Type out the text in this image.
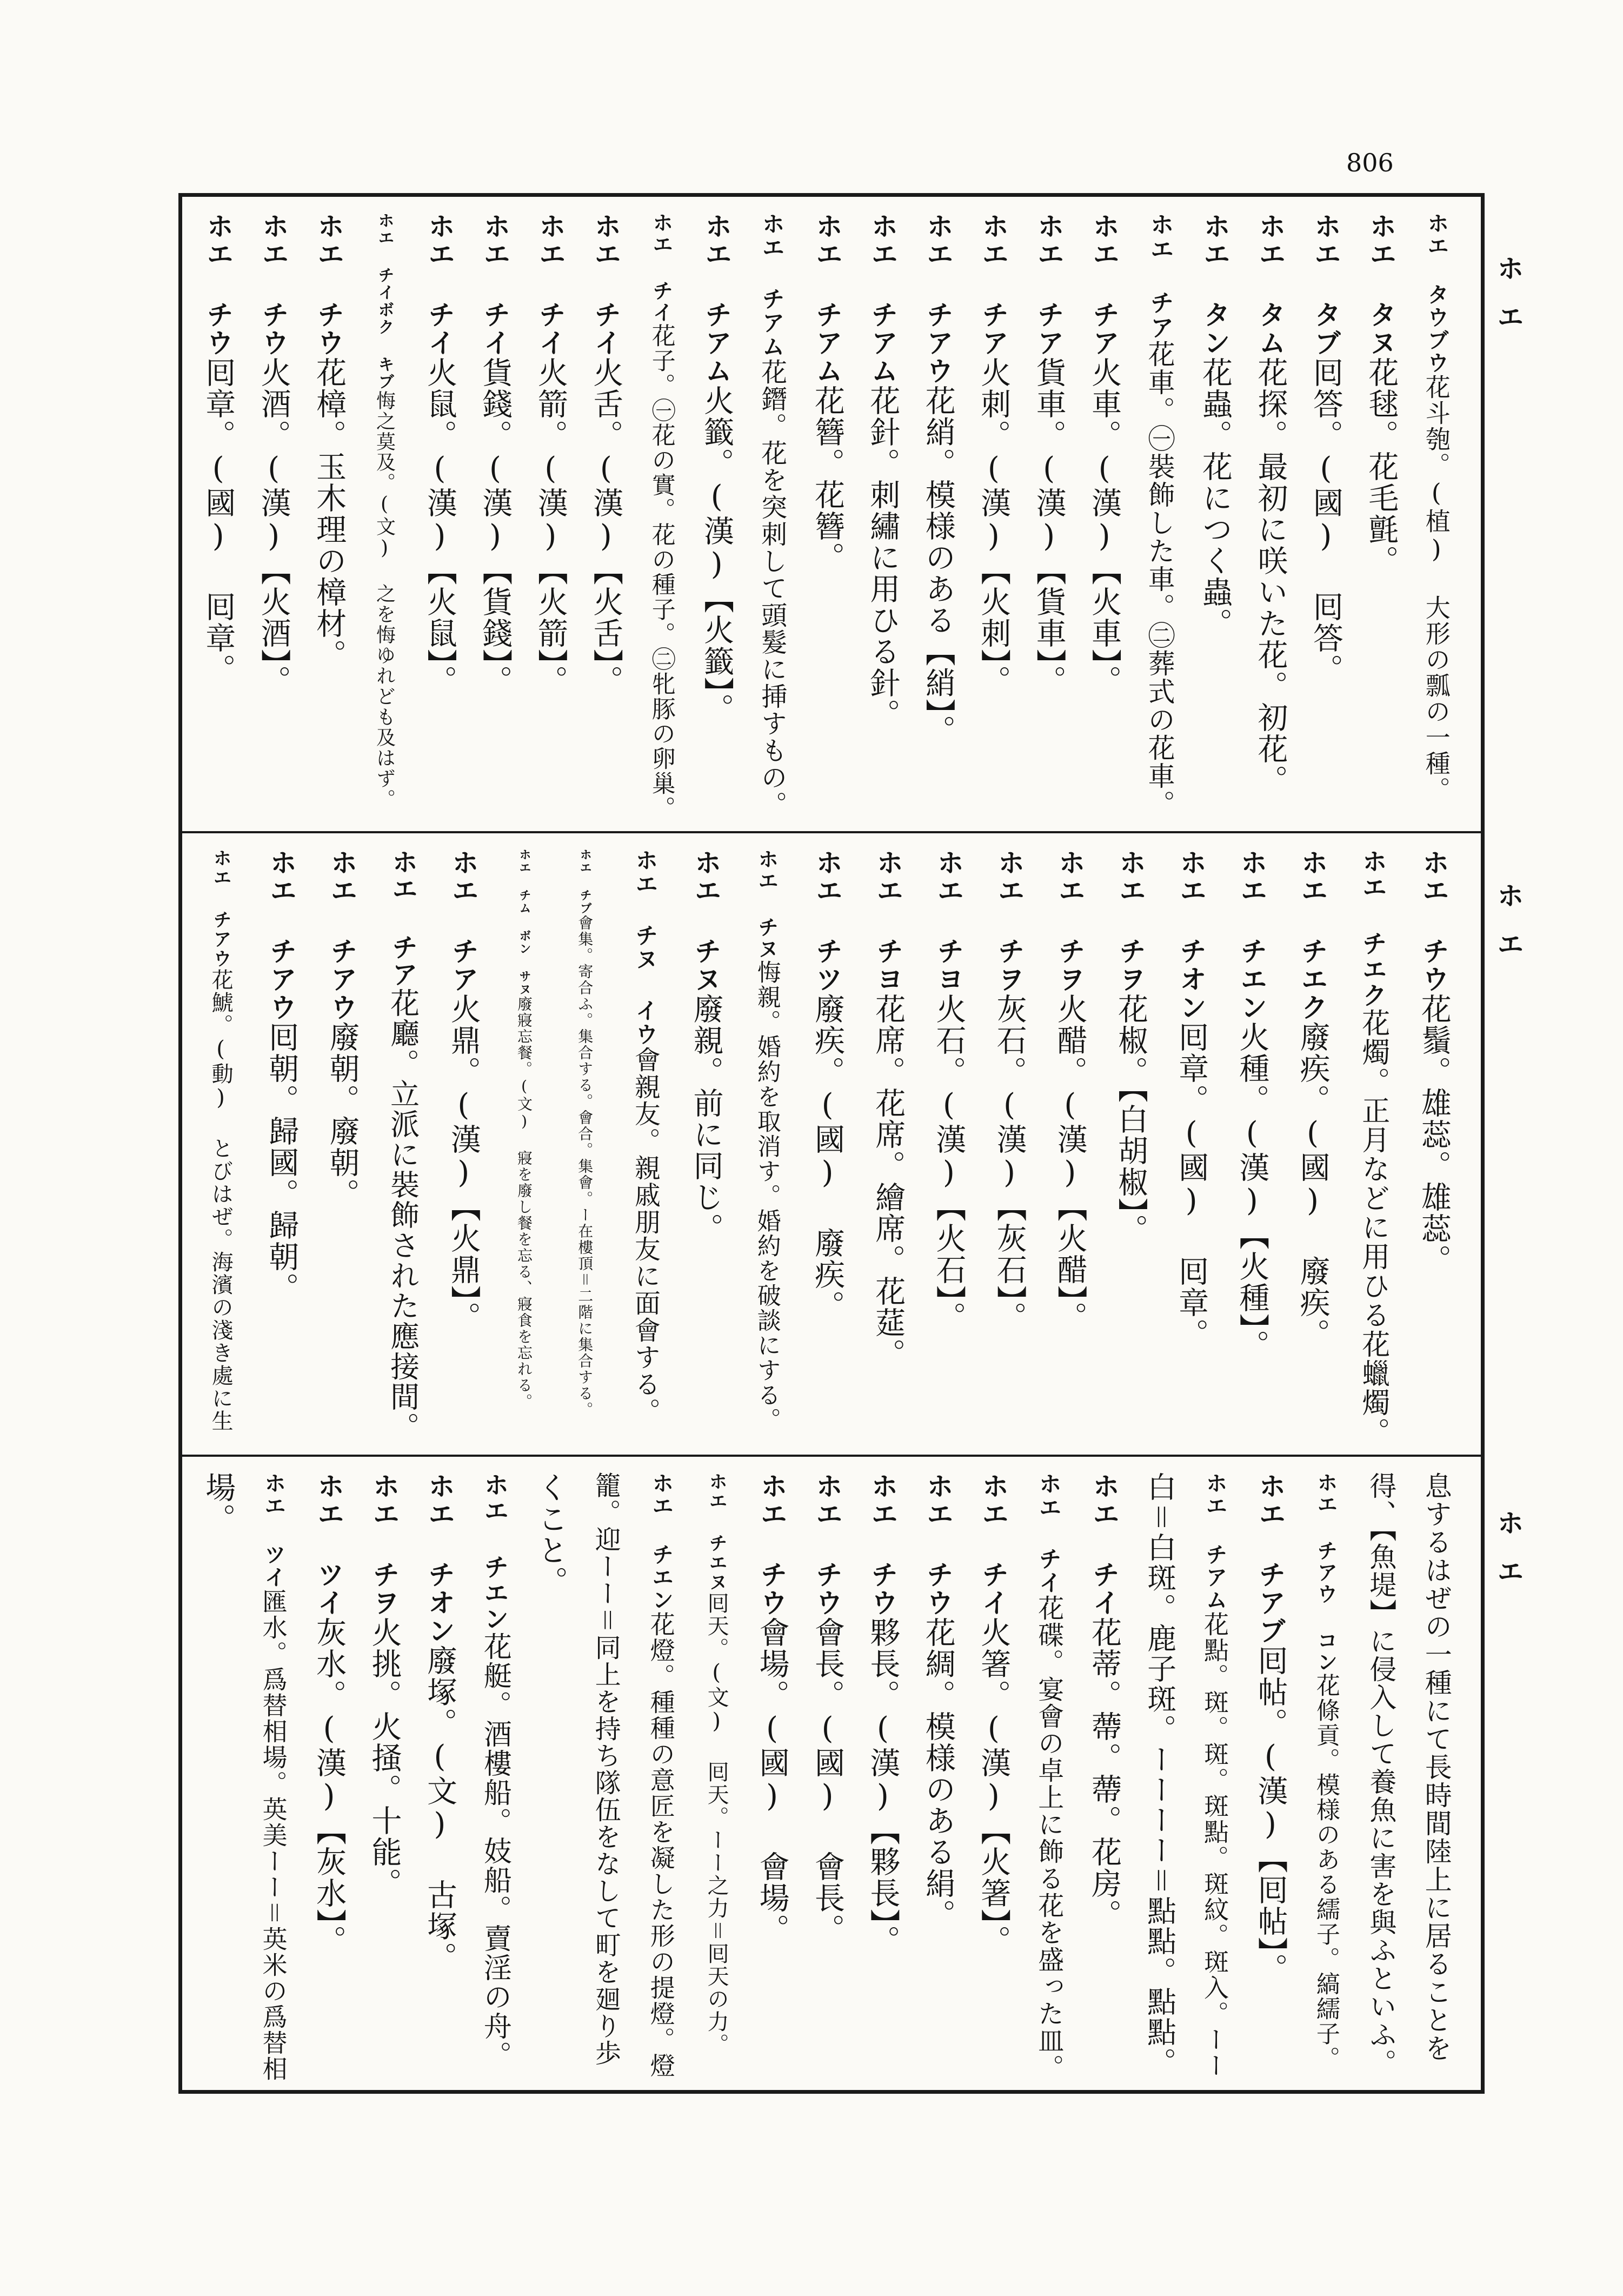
806
ホエ
ホエ
ホエ
ホエ タウブウ花斗匏。(植) 大形の瓢の一種。
ホエ タヌ花毬。花毛氈。
ホエ タブ囘答。(國) 囘答。
ホエ タム花探。最初に咲いた花。初花。
ホエ タン花蟲。花につく蟲。
ホエ チア花車。㊀裝飾した車。㊁葬式の花車。
ホエ チア火車。(漢)【火車】。
ホエ チア貨車。(漢)【貨車】。
ホエ チア火刺。(漢)【火刺】。
ホエ チアウ花綃。模様のある【綃】。
ホエ チアム花針。刺繡に用ひる針。
ホエ チアム花簪。花簪。
ホエ チアム花鐕。花を突刺して頭髮に挿すもの。
ホエ チアム火籤。(漢)【火籤】。
ホエ チイ花子。㊀花の實。花の種子。㊁牝豚の卵巢。
ホエ チイ火舌。(漢)【火舌】。
ホエ チイ火箭。(漢)【火箭】。
ホエ チイ貨錢。(漢)【貨錢】。
ホエ チイ火鼠。(漢)【火鼠】。
ホエ チイボク キブ悔之莫及。(文) 之を悔ゆれども及はず。
ホエ チウ花樟。玉木理の樟材。
ホエ チウ火酒。(漢)【火酒】。
ホエ チウ囘章。(國) 囘章。
ホエ チウ花鬚。雄蕊。雄蕊。
ホエ チエク花燭。正月などに用ひる花蠟燭。
ホエ チエク廢疾。(國) 廢疾。
ホエ チエン火種。(漢)【火種】。
ホエ チオン囘章。(國) 囘章。
ホエ チヲ花椒。【白胡椒】。
ホエ チヲ火醋。(漢)【火醋】。
ホエ チヲ灰石。(漢)【灰石】。
ホエ チヨ火石。(漢)【火石】。
ホエ チヨ花席。花席。繪席。花莚。
ホエ チツ廢疾。(國) 廢疾。
ホエ チヌ悔親。婚約を取消す。婚約を破談にする。
ホエ チヌ廢親。前に同じ。
ホエ チヌ イウ會親友。親戚朋友に面會する。
ホエ チブ會集。寄合ふ。集合する。會合。集會。ー在樓頂＝二階に集合する。
ホエ チム ボン サヌ廢寢忘餐。(文) 寢を廢し餐を忘る、寢食を忘れる。
ホエ チア火鼎。(漢)【火鼎】。
ホエ チア花廳。立派に裝飾された應接間。
ホエ チアウ廢朝。廢朝。
ホエ チアウ囘朝。歸國。歸朝。
ホエ チアウ花鯱。(動) とびはぜ。海濱の淺き處に生
息するはぜの一種にて長時間陸上に居ることを
得、【魚堤】に侵入して養魚に害を與ふといふ。
ホエ チアウ コン花條貢。模様のある繻子。縞繻子。
ホエ チアブ囘帖。(漢)【囘帖】。
ホエ チアム花點。斑。斑。斑點。斑紋。斑入。ーー
白＝白斑。鹿子斑。ーーーー＝點點。點點。
ホエ チイ花蒂。蔕。蔕。花房。
ホエ チイ花碟。宴會の卓上に飾る花を盛った皿。
ホエ チイ火箸。(漢)【火箸】。
ホエ チウ花綢。模様のある絹。
ホエ チウ夥長。(漢)【夥長】。
ホエ チウ會長。(國) 會長。
ホエ チウ會場。(國) 會場。
ホエ チエヌ囘天。(文) 囘天。ーー之力＝囘天の力。
ホエ チエン花燈。種種の意匠を凝した形の提燈。燈
籠。迎ーー＝同上を持ち隊伍をなして町を廻り歩
くこと。
ホエ チエン花艇。酒樓船。妓船。賣淫の舟。
ホエ チオン廢塚。(文) 古塚。
ホエ チヲ火挑。火掻。十能。
ホエ ツイ灰水。(漢)【灰水】。
ホエ ツイ匯水。爲替相場。英美ーー＝英米の爲替相
場。
